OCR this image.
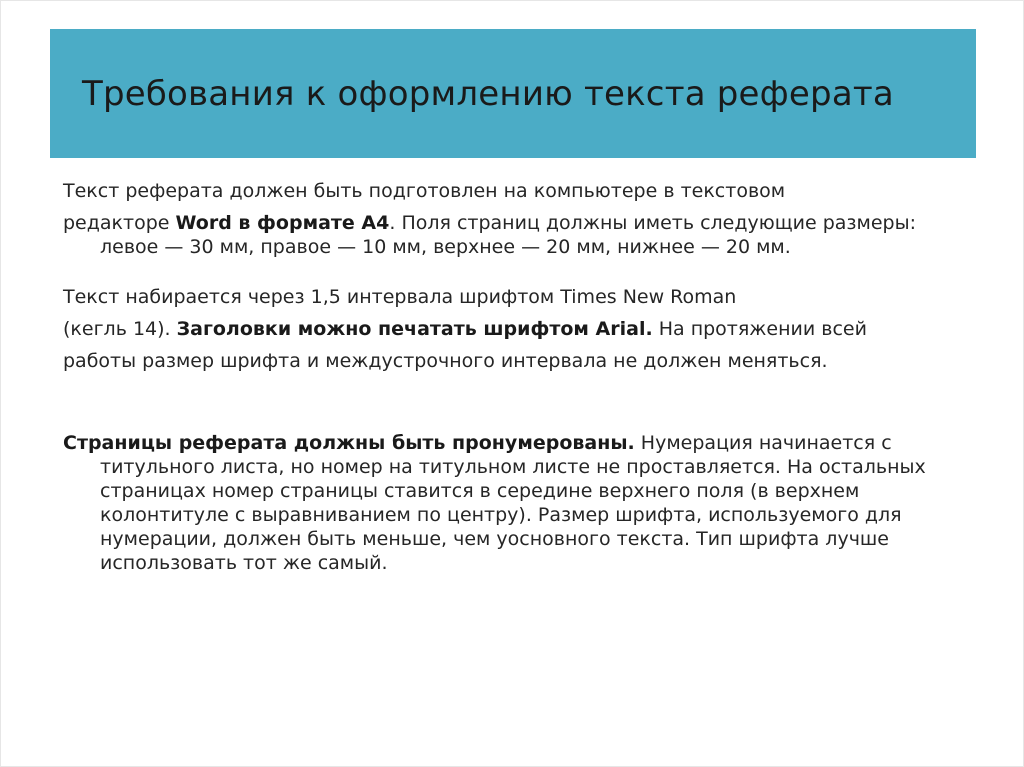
Требования к оформлению текста реферата

Текст реферата должен быть подготовлен на компьютере в текстовом

редакторе Word в формате А4. Поля страниц должны иметь следующие размеры: левое — 30 мм, правое — 10 мм, верхнее — 20 мм, нижнее — 20 мм.

Текст набирается через 1,5 интервала шрифтом Times New Roman

(кегль 14). Заголовки можно печатать шрифтом Arial. На протяжении всей

работы размер шрифта и междустрочного интервала не должен меняться.

Страницы реферата должны быть пронумерованы. Нумерация начинается с титульного листа, но номер на титульном листе не проставляется. На остальных страницах номер страницы ставится в середине верхнего поля (в верхнем колонтитуле с выравниванием по центру). Размер шрифта, используемого для нумерации, должен быть меньше, чем уосновного текста. Тип шрифта лучше использовать тот же самый.
